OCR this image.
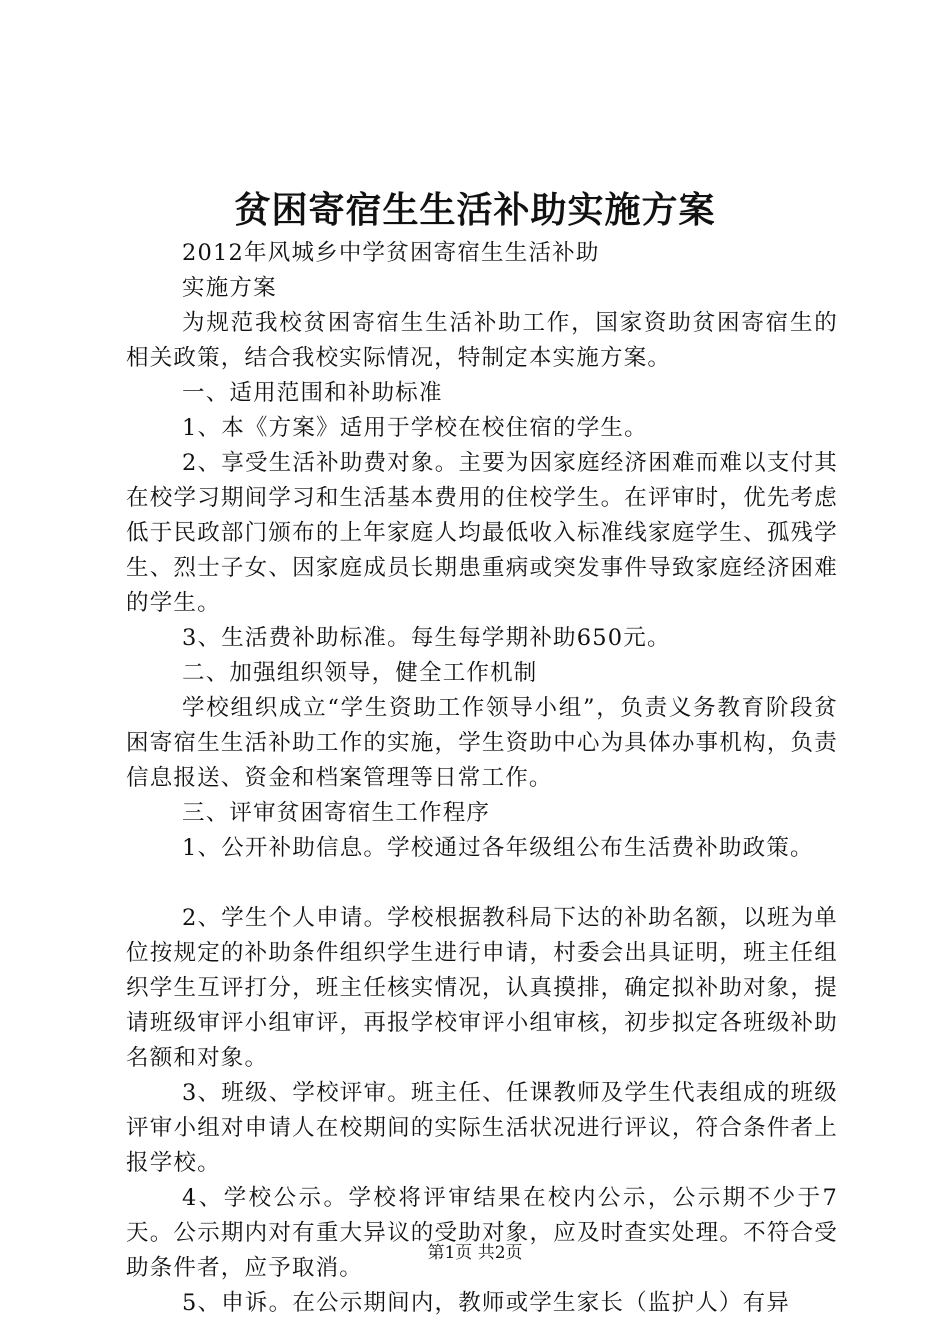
贫困寄宿生生活补助实施方案

2012年风城乡中学贫困寄宿生生活补助

实施方案

为规范我校贫困寄宿生生活补助工作，国家资助贫困寄宿生的相关政策，结合我校实际情况，特制定本实施方案。

一、适用范围和补助标准

1、本《方案》适用于学校在校住宿的学生。

2、享受生活补助费对象。主要为因家庭经济困难而难以支付其在校学习期间学习和生活基本费用的住校学生。在评审时，优先考虑低于民政部门颁布的上年家庭人均最低收入标准线家庭学生、孤残学生、烈士子女、因家庭成员长期患重病或突发事件导致家庭经济困难的学生。

3、生活费补助标准。每生每学期补助650元。

二、加强组织领导，健全工作机制

学校组织成立“学生资助工作领导小组”，负责义务教育阶段贫困寄宿生生活补助工作的实施，学生资助中心为具体办事机构，负责信息报送、资金和档案管理等日常工作。

三、评审贫困寄宿生工作程序

1、公开补助信息。学校通过各年级组公布生活费补助政策。

2、学生个人申请。学校根据教科局下达的补助名额，以班为单位按规定的补助条件组织学生进行申请，村委会出具证明，班主任组织学生互评打分，班主任核实情况，认真摸排，确定拟补助对象，提请班级审评小组审评，再报学校审评小组审核，初步拟定各班级补助名额和对象。

3、班级、学校评审。班主任、任课教师及学生代表组成的班级评审小组对申请人在校期间的实际生活状况进行评议，符合条件者上报学校。

4、学校公示。学校将评审结果在校内公示，公示期不少于7天。公示期内对有重大异议的受助对象，应及时查实处理。不符合受助条件者，应予取消。

5、申诉。在公示期间内，教师或学生家长（监护人）有异

第1页 共2页
